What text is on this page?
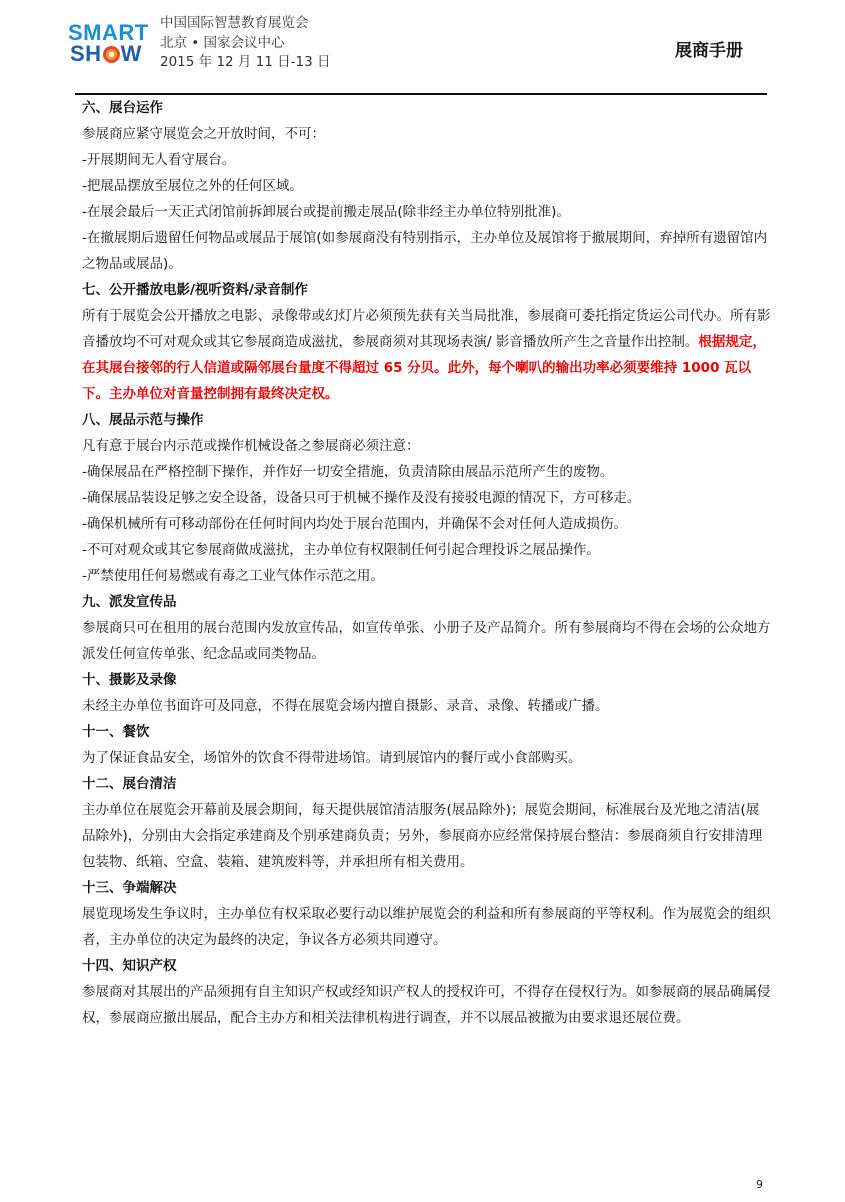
SMART
SH W
中国国际智慧教育展览会
北京 • 国家会议中心
2015 年 12 月 11 日-13 日
展商手册

六、展台运作

参展商应紧守展览会之开放时间，不可：

-开展期间无人看守展台。

-把展品摆放至展位之外的任何区域。

-在展会最后一天正式闭馆前拆卸展台或提前搬走展品(除非经主办单位特别批准)。

-在撤展期后遗留任何物品或展品于展馆(如参展商没有特别指示，主办单位及展馆将于撤展期间，弃掉所有遗留馆内之物品或展品)。

七、公开播放电影/视听资料/录音制作

所有于展览会公开播放之电影、录像带或幻灯片必须预先获有关当局批准，参展商可委托指定货运公司代办。所有影音播放均不可对观众或其它参展商造成滋扰，参展商须对其现场表演/ 影音播放所产生之音量作出控制。根据规定，在其展台接邻的行人信道或隔邻展台量度不得超过 65 分贝。此外，每个喇叭的输出功率必须要维持 1000 瓦以下。主办单位对音量控制拥有最终决定权。

八、展品示范与操作

凡有意于展台内示范或操作机械设备之参展商必须注意：

-确保展品在严格控制下操作，并作好一切安全措施，负责清除由展品示范所产生的废物。

-确保展品装设足够之安全设备，设备只可于机械不操作及没有接驳电源的情况下，方可移走。

-确保机械所有可移动部份在任何时间内均处于展台范围内，并确保不会对任何人造成损伤。

-不可对观众或其它参展商做成滋扰，主办单位有权限制任何引起合理投诉之展品操作。

-严禁使用任何易燃或有毒之工业气体作示范之用。

九、派发宣传品

参展商只可在租用的展台范围内发放宣传品，如宣传单张、小册子及产品简介。所有参展商均不得在会场的公众地方派发任何宣传单张、纪念品或同类物品。

十、摄影及录像

未经主办单位书面许可及同意，不得在展览会场内擅自摄影、录音、录像、转播或广播。

十一、餐饮

为了保证食品安全，场馆外的饮食不得带进场馆。请到展馆内的餐厅或小食部购买。

十二、展台清洁

主办单位在展览会开幕前及展会期间，每天提供展馆清洁服务(展品除外)；展览会期间，标准展台及光地之清洁(展品除外)，分别由大会指定承建商及个别承建商负责；另外，参展商亦应经常保持展台整洁：参展商须自行安排清理包装物、纸箱、空盒、装箱、建筑废料等，并承担所有相关费用。

十三、争端解决

展览现场发生争议时，主办单位有权采取必要行动以维护展览会的利益和所有参展商的平等权利。作为展览会的组织者，主办单位的决定为最终的决定，争议各方必须共同遵守。

十四、知识产权

参展商对其展出的产品须拥有自主知识产权或经知识产权人的授权许可，不得存在侵权行为。如参展商的展品确属侵权，参展商应撤出展品，配合主办方和相关法律机构进行调查，并不以展品被撤为由要求退还展位费。

9
